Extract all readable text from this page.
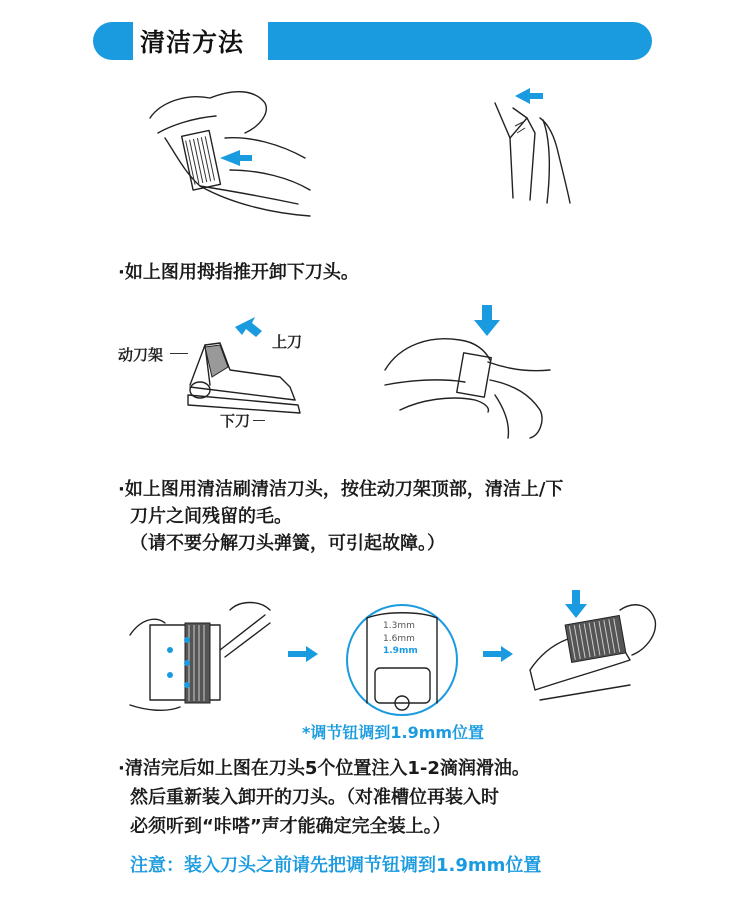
清洁方法
·如上图用拇指推开卸下刀头。
动刀架
上刀
下刀
·如上图用清洁刷清洁刀头，按住动刀架顶部，清洁上/下
刀片之间残留的毛。
（请不要分解刀头弹簧，可引起故障。）
1.3mm
1.6mm
1.9mm
*调节钮调到1.9mm位置
·清洁完后如上图在刀头5个位置注入1-2滴润滑油。
然后重新装入卸开的刀头。（对准槽位再装入时
必须听到“咔嗒”声才能确定完全装上。）
注意：装入刀头之前请先把调节钮调到1.9mm位置
